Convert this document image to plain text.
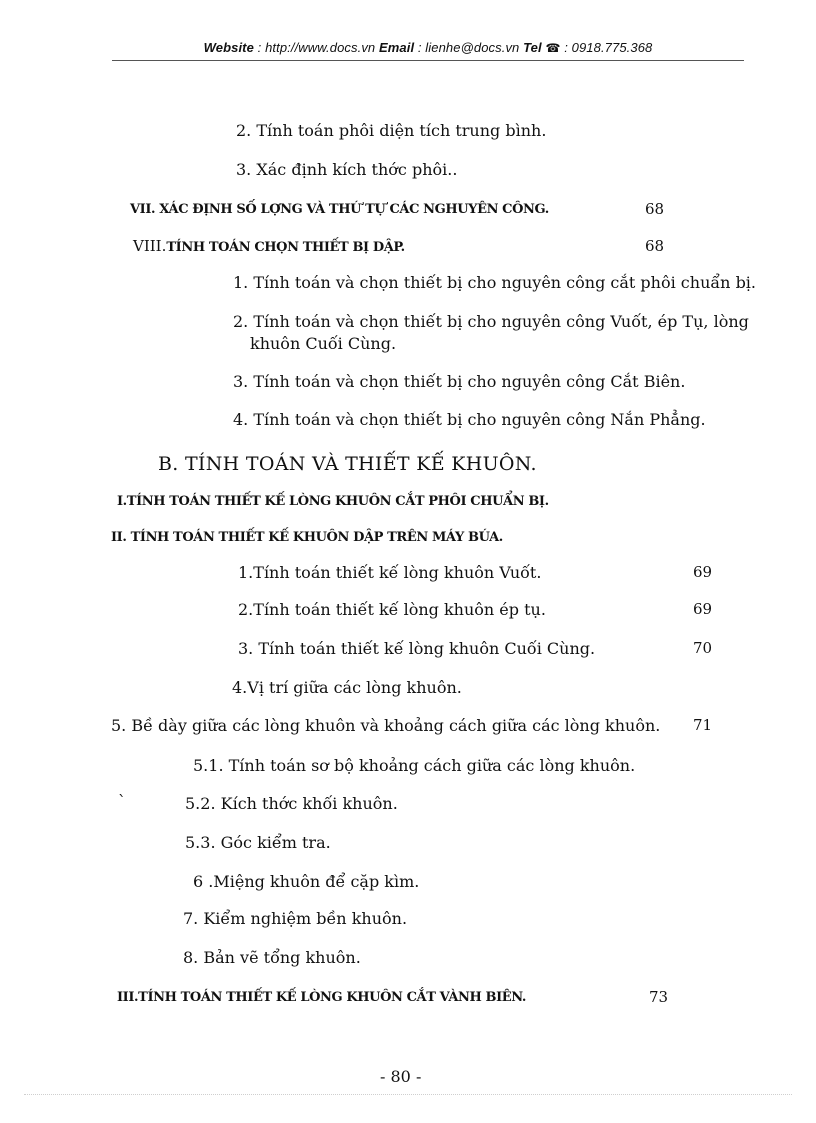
Website : http://www.docs.vn Email : lienhe@docs.vn Tel ☎ : 0918.775.368
2. Tính toán phôi diện tích trung bình.
3. Xác định kích thớc phôi..
VII. XÁC ĐỊNH SỐ LỢNG VÀ THỨ TỰ CÁC NGHUYÊN CÔNG.	68
VIII.TÍNH TOÁN CHỌN THIẾT BỊ DẬP.	68
1. Tính toán và chọn thiết bị cho nguyên công cắt phôi chuẩn bị.
2. Tính toán và chọn thiết bị cho nguyên công Vuốt, ép Tụ, lòng
khuôn Cuối Cùng.
3. Tính toán và chọn thiết bị cho nguyên công Cắt Biên.
4. Tính toán và chọn thiết bị cho nguyên công Nắn Phẳng.
B. TÍNH TOÁN VÀ THIẾT KẾ KHUÔN.
I.TÍNH TOÁN THIẾT KẾ LÒNG KHUÔN CẮT PHÔI CHUẨN BỊ.
II. TÍNH TOÁN THIẾT KẾ KHUÔN DẬP TRÊN MÁY BÚA.
1.Tính toán thiết kế lòng khuôn Vuốt.	69
2.Tính toán thiết kế lòng khuôn ép tụ.	69
3. Tính toán thiết kế lòng khuôn Cuối Cùng.	70
4.Vị trí giữa các lòng khuôn.
5. Bề dày giữa các lòng khuôn và khoảng cách giữa các lòng khuôn. 71
5.1. Tính toán sơ bộ khoảng cách giữa các lòng khuôn.
`	5.2. Kích thớc khối khuôn.
5.3. Góc kiểm tra.
6 .Miệng khuôn để cặp kìm.
7. Kiểm nghiệm bền khuôn.
8. Bản vẽ tổng khuôn.
III.TÍNH TOÁN THIẾT KẾ LÒNG KHUÔN CẮT VÀNH BIÊN.	73
- 80 -
